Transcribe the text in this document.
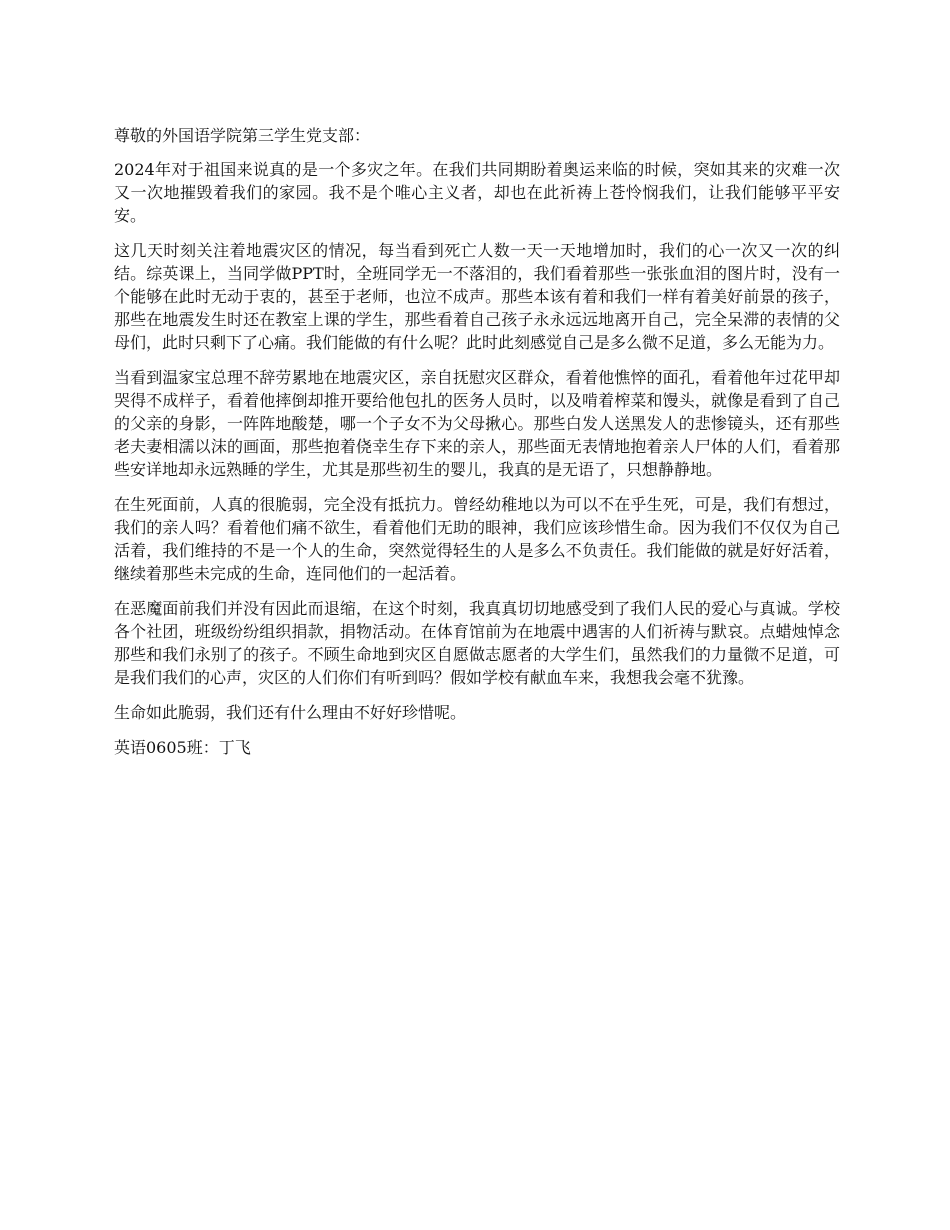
尊敬的外国语学院第三学生党支部：

2024年对于祖国来说真的是一个多灾之年。在我们共同期盼着奥运来临的时候，突如其来的灾难一次又一次地摧毁着我们的家园。我不是个唯心主义者，却也在此祈祷上苍怜悯我们，让我们能够平平安安。

这几天时刻关注着地震灾区的情况，每当看到死亡人数一天一天地增加时，我们的心一次又一次的纠结。综英课上，当同学做PPT时，全班同学无一不落泪的，我们看着那些一张张血泪的图片时，没有一个能够在此时无动于衷的，甚至于老师，也泣不成声。那些本该有着和我们一样有着美好前景的孩子，那些在地震发生时还在教室上课的学生，那些看着自己孩子永永远远地离开自己，完全呆滞的表情的父母们，此时只剩下了心痛。我们能做的有什么呢？此时此刻感觉自己是多么微不足道，多么无能为力。

当看到温家宝总理不辞劳累地在地震灾区，亲自抚慰灾区群众，看着他憔悴的面孔，看着他年过花甲却哭得不成样子，看着他摔倒却推开要给他包扎的医务人员时，以及啃着榨菜和馒头，就像是看到了自己的父亲的身影，一阵阵地酸楚，哪一个子女不为父母揪心。那些白发人送黑发人的悲惨镜头，还有那些老夫妻相濡以沫的画面，那些抱着侥幸生存下来的亲人，那些面无表情地抱着亲人尸体的人们，看着那些安详地却永远熟睡的学生，尤其是那些初生的婴儿，我真的是无语了，只想静静地。

在生死面前，人真的很脆弱，完全没有抵抗力。曾经幼稚地以为可以不在乎生死，可是，我们有想过，我们的亲人吗？看着他们痛不欲生，看着他们无助的眼神，我们应该珍惜生命。因为我们不仅仅为自己活着，我们维持的不是一个人的生命，突然觉得轻生的人是多么不负责任。我们能做的就是好好活着，继续着那些未完成的生命，连同他们的一起活着。

在恶魔面前我们并没有因此而退缩，在这个时刻，我真真切切地感受到了我们人民的爱心与真诚。学校各个社团，班级纷纷组织捐款，捐物活动。在体育馆前为在地震中遇害的人们祈祷与默哀。点蜡烛悼念那些和我们永别了的孩子。不顾生命地到灾区自愿做志愿者的大学生们，虽然我们的力量微不足道，可是我们我们的心声，灾区的人们你们有听到吗？假如学校有献血车来，我想我会毫不犹豫。

生命如此脆弱，我们还有什么理由不好好珍惜呢。

英语0605班：丁飞
